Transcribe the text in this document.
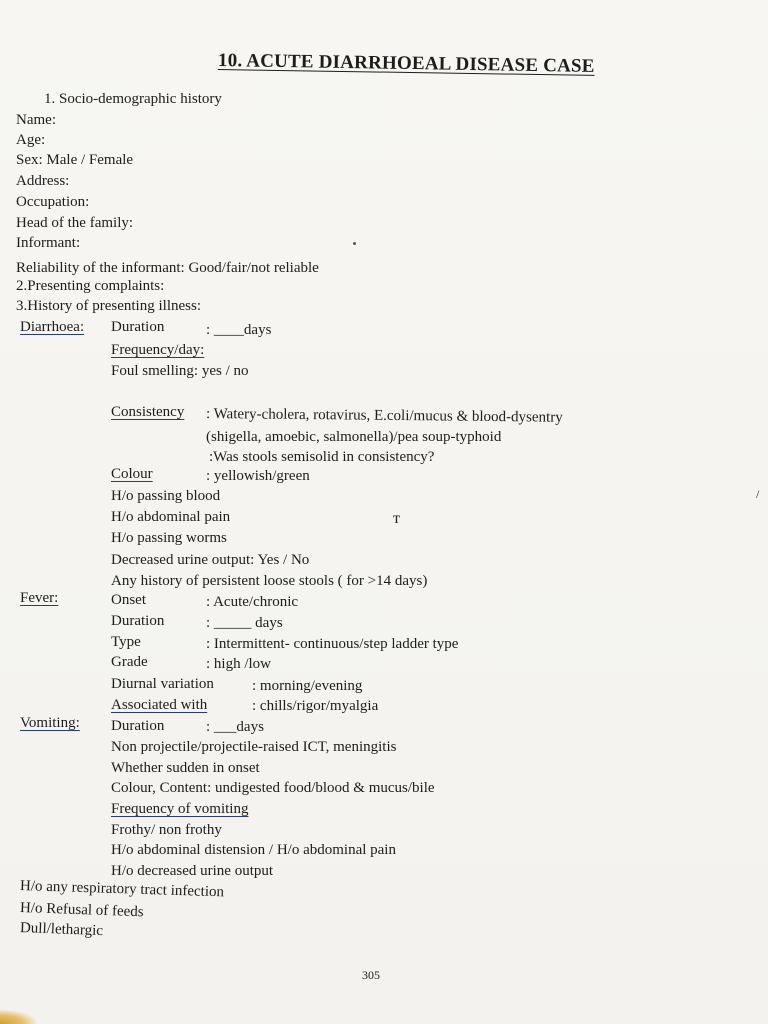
10. ACUTE DIARRHOEAL DISEASE CASE
1. Socio-demographic history
Name:
Age:
Sex: Male / Female
Address:
Occupation:
Head of the family:
Informant:
Reliability of the informant: Good/fair/not reliable
2.Presenting complaints:
3.History of presenting illness:
Diarrhoea: Duration	: ____days
Frequency/day:
Foul smelling: yes / no
Consistency : Watery-cholera, rotavirus, E.coli/mucus & blood-dysentry
(shigella, amoebic, salmonella)/pea soup-typhoid
:Was stools semisolid in consistency?
Colour	: yellowish/green
H/o passing blood
H/o abdominal pain
H/o passing worms
Decreased urine output: Yes / No
Any history of persistent loose stools ( for >14 days)
Fever:	Onset	: Acute/chronic
Duration	: _____ days
Type	: Intermittent- continuous/step ladder type
Grade	: high /low
Diurnal variation	: morning/evening
Associated with	: chills/rigor/myalgia
Vomiting: Duration	: ___days
Non projectile/projectile-raised ICT, meningitis
Whether sudden in onset
Colour, Content: undigested food/blood & mucus/bile
Frequency of vomiting
Frothy/ non frothy
H/o abdominal distension / H/o abdominal pain
H/o decreased urine output
H/o any respiratory tract infection
H/o Refusal of feeds
Dull/lethargic
305
ᴛ
/
